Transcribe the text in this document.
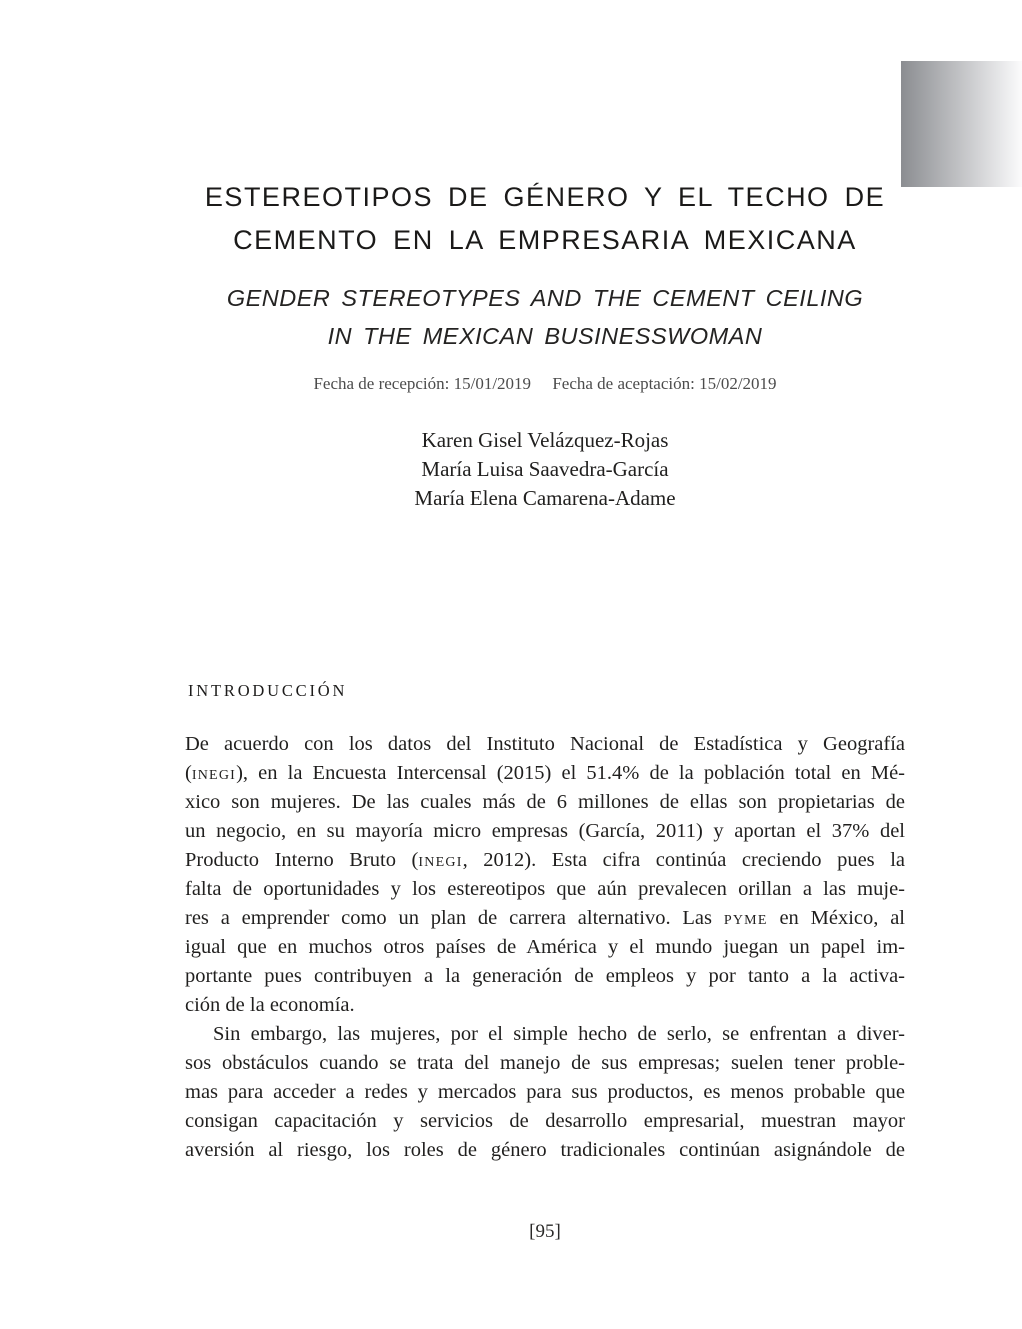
ESTEREOTIPOS DE GÉNERO Y EL TECHO DE
CEMENTO EN LA EMPRESARIA MEXICANA
GENDER STEREOTYPES AND THE CEMENT CEILING
IN THE MEXICAN BUSINESSWOMAN
Fecha de recepción: 15/01/2019 Fecha de aceptación: 15/02/2019
Karen Gisel Velázquez-Rojas
María Luisa Saavedra-García
María Elena Camarena-Adame
INTRODUCCIÓN
De acuerdo con los datos del Instituto Nacional de Estadística y Geografía
(INEGI), en la Encuesta Intercensal (2015) el 51.4% de la población total en Mé-
xico son mujeres. De las cuales más de 6 millones de ellas son propietarias de
un negocio, en su mayoría micro empresas (García, 2011) y aportan el 37% del
Producto Interno Bruto (INEGI, 2012). Esta cifra continúa creciendo pues la
falta de oportunidades y los estereotipos que aún prevalecen orillan a las muje-
res a emprender como un plan de carrera alternativo. Las PYME en México, al
igual que en muchos otros países de América y el mundo juegan un papel im-
portante pues contribuyen a la generación de empleos y por tanto a la activa-
ción de la economía.
Sin embargo, las mujeres, por el simple hecho de serlo, se enfrentan a diver-
sos obstáculos cuando se trata del manejo de sus empresas; suelen tener proble-
mas para acceder a redes y mercados para sus productos, es menos probable que
consigan capacitación y servicios de desarrollo empresarial, muestran mayor
aversión al riesgo, los roles de género tradicionales continúan asignándole de
[95]
